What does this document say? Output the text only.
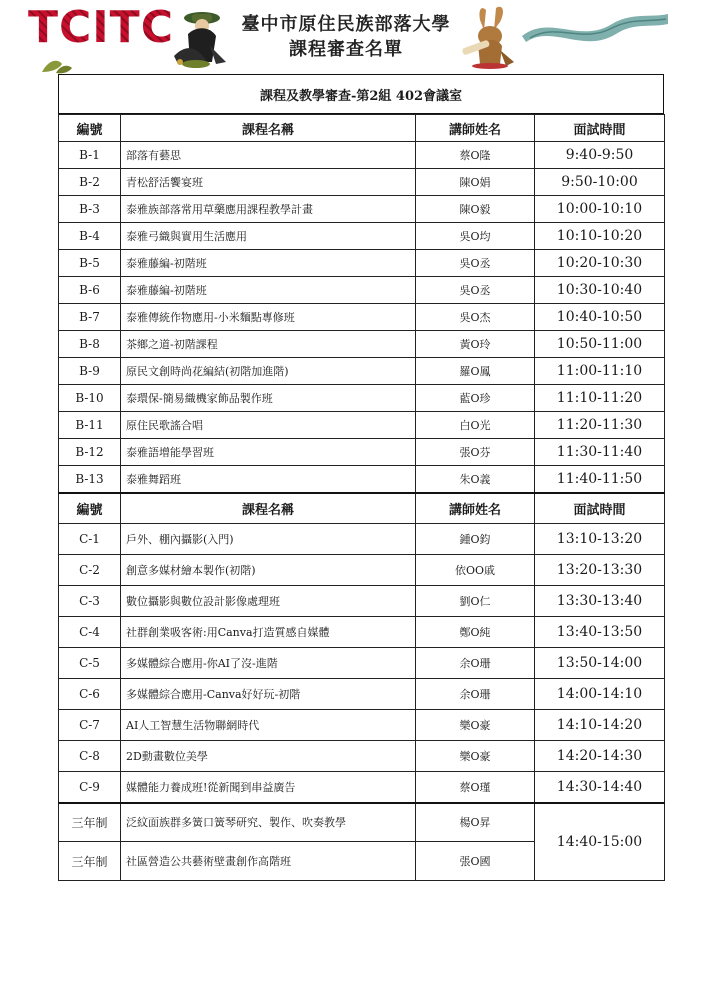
TCITC	臺中市原住民族部落大學
課程審查名單
課程及教學審查-第2組 402會議室
編號	課程名稱	講師姓名	面試時間
B-1	部落有藝思	蔡O隆	9:40-9:50
B-2	青松舒活饗宴班	陳O娟	9:50-10:00
B-3	泰雅族部落常用草藥應用課程教學計畫	陳O毅	10:00-10:10
B-4	泰雅弓織與實用生活應用	吳O均	10:10-10:20
B-5	泰雅藤編-初階班	吳O丞	10:20-10:30
B-6	泰雅藤編-初階班	吳O丞	10:30-10:40
B-7	泰雅傳統作物應用-小米麵點專修班	吳O杰	10:40-10:50
B-8	茶鄉之道-初階課程	黃O玲	10:50-11:00
B-9	原民文創時尚花編結(初階加進階)	羅O鳳	11:00-11:10
B-10	泰環保-簡易織機家飾品製作班	藍O珍	11:10-11:20
B-11	原住民歌謠合唱	白O光	11:20-11:30
B-12	泰雅語增能學習班	張O芬	11:30-11:40
B-13	泰雅舞蹈班	朱O義	11:40-11:50
編號	課程名稱	講師姓名	面試時間
C-1	戶外、棚內攝影(入門)	鍾O鈞	13:10-13:20
C-2	創意多媒材繪本製作(初階)	依OO戚	13:20-13:30
C-3	數位攝影與數位設計影像處理班	劉O仁	13:30-13:40
C-4	社群創業吸客術:用Canva打造質感自媒體	鄭O純	13:40-13:50
C-5	多媒體綜合應用-你AI了沒-進階	余O珊	13:50-14:00
C-6	多媒體綜合應用-Canva好好玩-初階	余O珊	14:00-14:10
C-7	AI人工智慧生活物聯網時代	樂O豪	14:10-14:20
C-8	2D動畫數位美學	樂O豪	14:20-14:30
C-9	媒體能力養成班!從新聞到串益廣告	蔡O瑾	14:30-14:40
三年制	泛紋面族群多簧口簧琴研究、製作、吹奏教學	楊O昇	14:40-15:00
三年制	社區營造公共藝術壁畫創作高階班	張O國	
